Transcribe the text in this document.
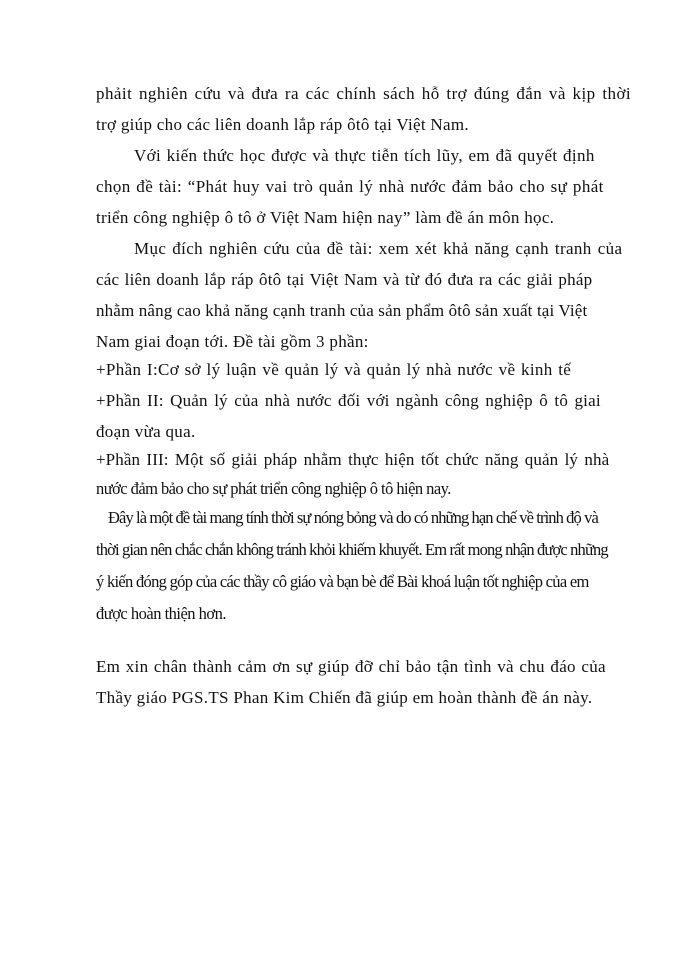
phảit nghiên cứu và đưa ra các chính sách hỗ trợ đúng đắn và kịp thời

trợ giúp cho các liên doanh lắp ráp ôtô tại Việt Nam.

Với kiến thức học được và thực tiễn tích lũy, em đã quyết định

chọn đề tài: “Phát huy vai trò quản lý nhà nước đảm bảo cho sự phát

triển công nghiệp ô tô ở Việt Nam hiện nay” làm đề án môn học.

Mục đích nghiên cứu của đề tài: xem xét khả năng cạnh tranh của

các liên doanh lắp ráp ôtô tại Việt Nam và từ đó đưa ra các giải pháp

nhằm nâng cao khả năng cạnh tranh của sản phẩm ôtô sản xuất tại Việt

Nam giai đoạn tới. Đề tài gồm 3 phần:

+Phần I:Cơ sở lý luận về quản lý và quản lý nhà nước về kinh tế

+Phần II: Quản lý của nhà nước đối với ngành công nghiệp ô tô giai

đoạn vừa qua.

+Phần III: Một số giải pháp nhằm thực hiện tốt chức năng quản lý nhà

nước đảm bảo cho sự phát triển công nghiệp ô tô hiện nay.

Đây là một đề tài mang tính thời sự nóng bỏng và do có những hạn chế về trình độ và

thời gian nên chắc chắn không tránh khỏi khiếm khuyết. Em rất mong nhận được những

ý kiến đóng góp của các thầy cô giáo và bạn bè để Bài khoá luận tốt nghiệp của em

được hoàn thiện hơn.

Em xin chân thành cảm ơn sự giúp đỡ chỉ bảo tận tình và chu đáo của

Thầy giáo PGS.TS Phan Kim Chiến đã giúp em hoàn thành đề án này.
